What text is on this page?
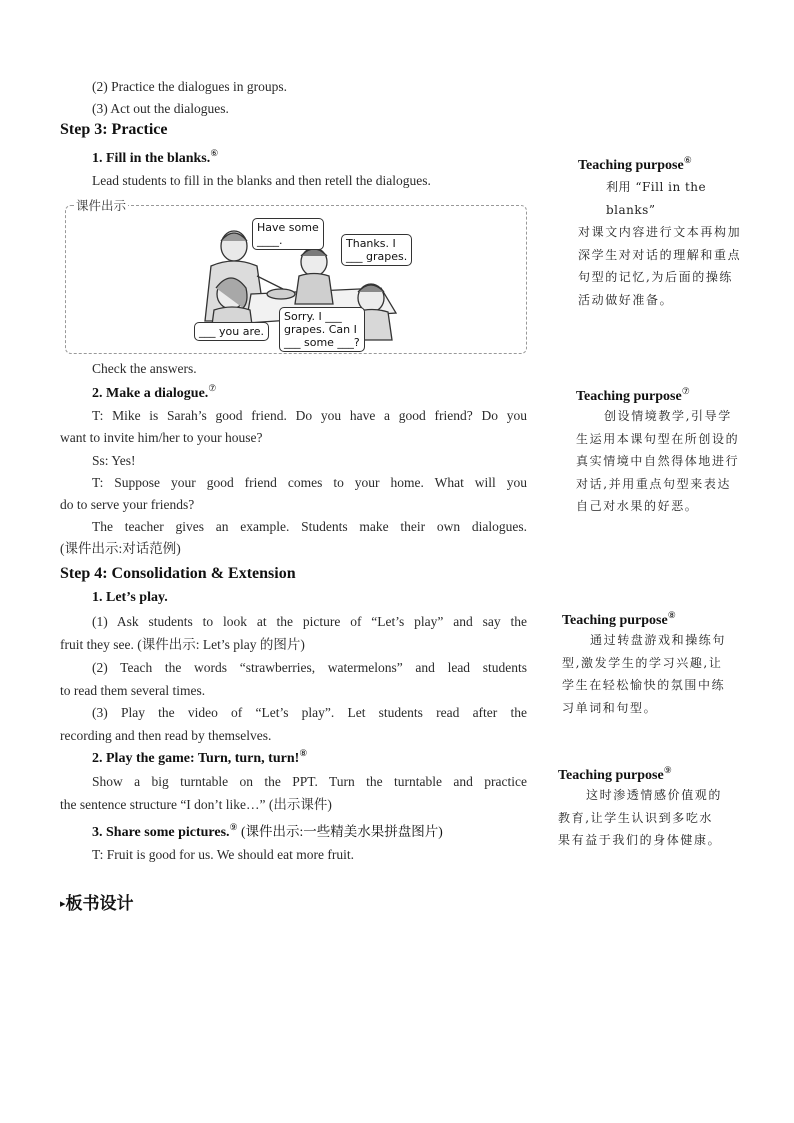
(2) Practice the dialogues in groups.
(3) Act out the dialogues.
Step 3: Practice
1. Fill in the blanks.⑥
Lead students to fill in the blanks and then retell the dialogues.
Have some
____.	Thanks. I
___ grapes.
___ you are.
Sorry. I ___
grapes. Can I
___ some ___?
课件出示
Check the answers.
2. Make a dialogue.⑦
T: Mike is Sarah’s good friend. Do you have a good friend? Do you
want to invite him/her to your house?
Ss: Yes!
T: Suppose your good friend comes to your home. What will you
do to serve your friends?
The teacher gives an example. Students make their own dialogues.
(课件出示:对话范例)
Step 4: Consolidation & Extension
1. Let’s play.
(1) Ask students to look at the picture of “Let’s play” and say the
fruit they see. (课件出示: Let’s play 的图片)
(2) Teach the words “strawberries, watermelons” and lead students
to read them several times.
(3) Play the video of “Let’s play”. Let students read after the
recording and then read by themselves.
2. Play the game: Turn, turn, turn!⑧
Show a big turntable on the PPT. Turn the turntable and practice
the sentence structure “I don’t like…” (出示课件)
3. Share some pictures.⑨ (课件出示:一些精美水果拼盘图片)
T: Fruit is good for us. We should eat more fruit.
▸板书设计
Teaching purpose⑥
利用 “Fill in the blanks”
对课文内容进行文本再构加
深学生对对话的理解和重点
句型的记忆,为后面的操练
活动做好准备。
Teaching purpose⑦
创设情境教学,引导学
生运用本课句型在所创设的
真实情境中自然得体地进行
对话,并用重点句型来表达
自己对水果的好恶。
Teaching purpose⑧
通过转盘游戏和操练句
型,激发学生的学习兴趣,让
学生在轻松愉快的氛围中练
习单词和句型。
Teaching purpose⑨
这时渗透情感价值观的
教育,让学生认识到多吃水
果有益于我们的身体健康。
